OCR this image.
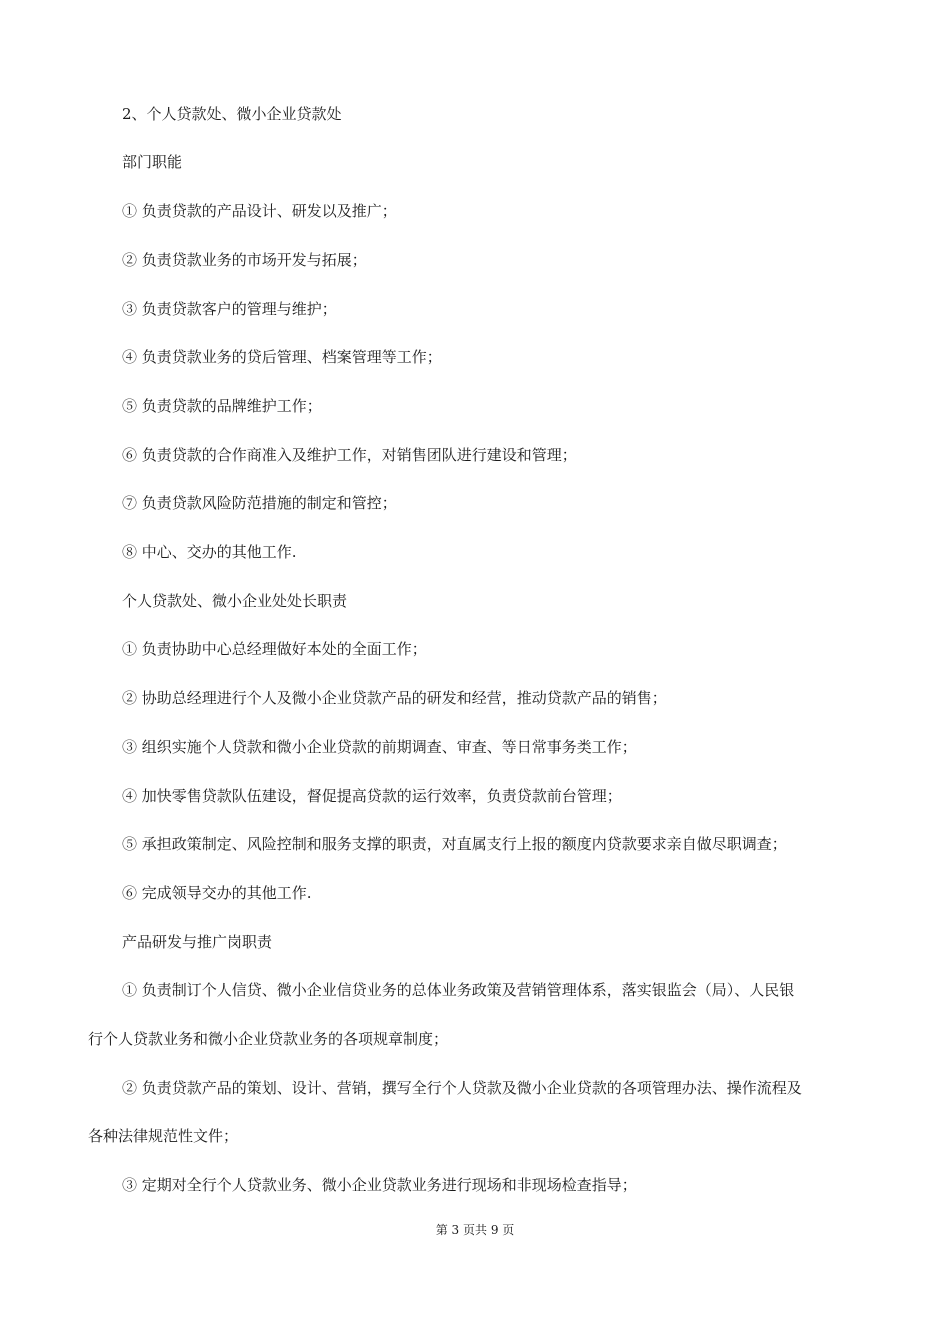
2、个人贷款处、微小企业贷款处
部门职能
① 负责贷款的产品设计、研发以及推广；
② 负责贷款业务的市场开发与拓展；
③ 负责贷款客户的管理与维护；
④ 负责贷款业务的贷后管理、档案管理等工作；
⑤ 负责贷款的品牌维护工作；
⑥ 负责贷款的合作商准入及维护工作，对销售团队进行建设和管理；
⑦ 负责贷款风险防范措施的制定和管控；
⑧ 中心、交办的其他工作.
个人贷款处、微小企业处处长职责
① 负责协助中心总经理做好本处的全面工作；
② 协助总经理进行个人及微小企业贷款产品的研发和经营，推动贷款产品的销售；
③ 组织实施个人贷款和微小企业贷款的前期调查、审查、等日常事务类工作；
④ 加快零售贷款队伍建设，督促提高贷款的运行效率，负责贷款前台管理；
⑤ 承担政策制定、风险控制和服务支撑的职责，对直属支行上报的额度内贷款要求亲自做尽职调查；
⑥ 完成领导交办的其他工作.
产品研发与推广岗职责
① 负责制订个人信贷、微小企业信贷业务的总体业务政策及营销管理体系，落实银监会（局）、人民银
行个人贷款业务和微小企业贷款业务的各项规章制度；
② 负责贷款产品的策划、设计、营销，撰写全行个人贷款及微小企业贷款的各项管理办法、操作流程及
各种法律规范性文件；
③ 定期对全行个人贷款业务、微小企业贷款业务进行现场和非现场检查指导；
第 3 页共 9 页
